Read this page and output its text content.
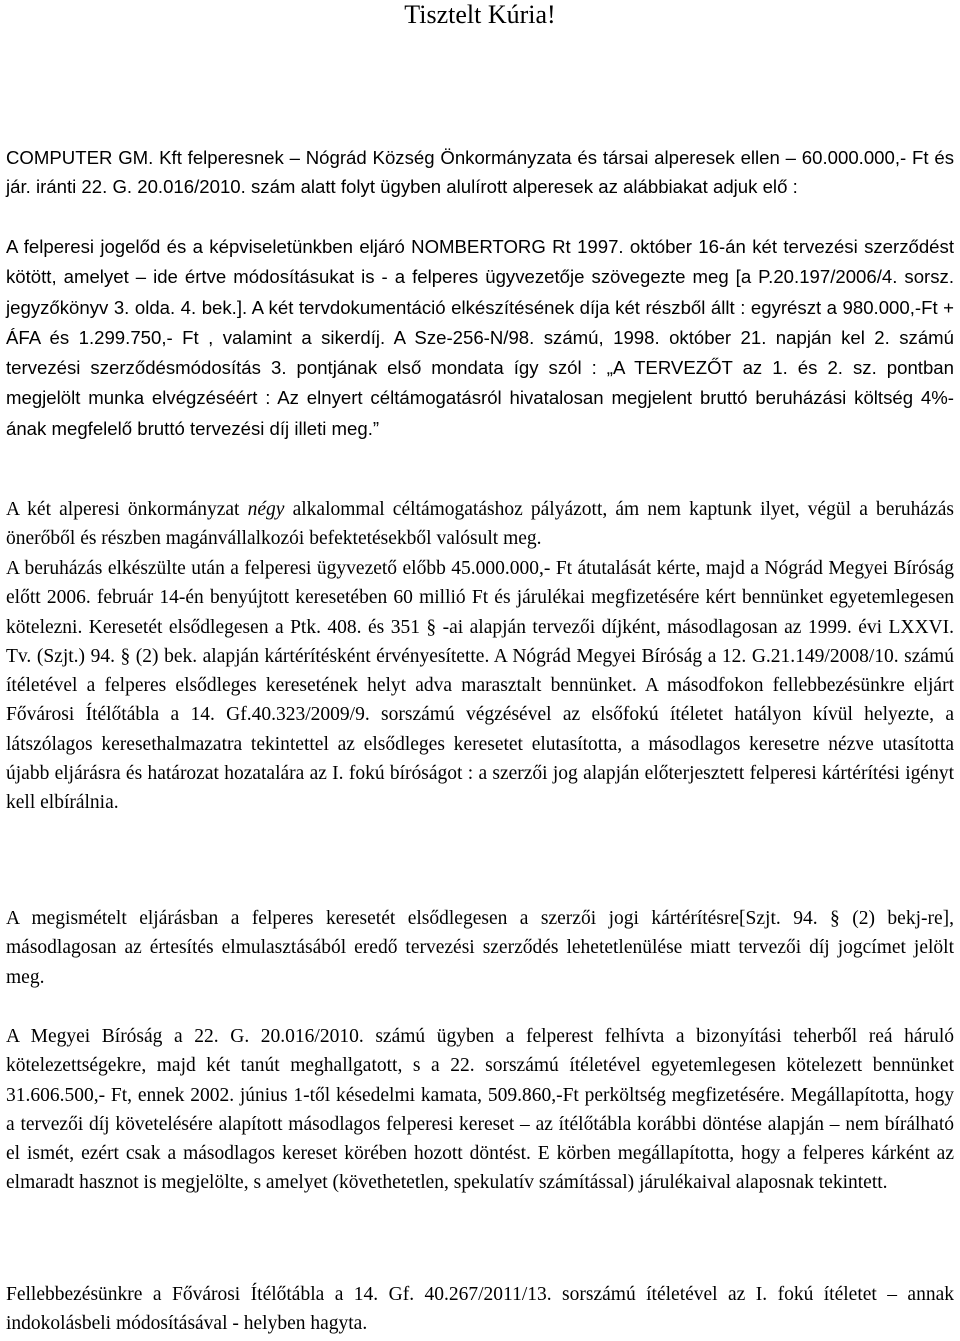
Tisztelt Kúria!
COMPUTER GM. Kft felperesnek – Nógrád Község Önkormányzata és társai alperesek ellen – 60.000.000,- Ft és jár. iránti 22. G. 20.016/2010. szám alatt folyt ügyben alulírott alperesek az alábbiakat adjuk elő :

A felperesi jogelőd és a képviseletünkben eljáró NOMBERTORG Rt 1997. október 16-án két tervezési szerződést kötött, amelyet – ide értve módosításukat is - a felperes ügyvezetője szövegezte meg [a P.20.197/2006/4. sorsz. jegyzőkönyv 3. olda. 4. bek.]. A két tervdokumentáció elkészítésének díja két részből állt : egyrészt a 980.000,-Ft + ÁFA és 1.299.750,- Ft , valamint a sikerdíj. A Sze-256-N/98. számú, 1998. október 21. napján kel 2. számú tervezési szerződésmódosítás 3. pontjának első mondata így szól : „A TERVEZŐT az 1. és 2. sz. pontban megjelölt munka elvégzéséért : Az elnyert céltámogatásról hivatalosan megjelent bruttó beruházási költség 4%-ának megfelelő bruttó tervezési díj illeti meg.”

A két alperesi önkormányzat négy alkalommal céltámogatáshoz pályázott, ám nem kaptunk ilyet, végül a beruházás önerőből és részben magánvállalkozói befektetésekből valósult meg.

A beruházás elkészülte után a felperesi ügyvezető előbb 45.000.000,- Ft átutalását kérte, majd a Nógrád Megyei Bíróság előtt 2006. február 14-én benyújtott keresetében 60 millió Ft és járulékai megfizetésére kért bennünket egyetemlegesen kötelezni. Keresetét elsődlegesen a Ptk. 408. és 351 § -ai alapján tervezői díjként, másodlagosan az 1999. évi LXXVI. Tv. (Szjt.) 94. § (2) bek. alapján kártérítésként érvényesítette. A Nógrád Megyei Bíróság a 12. G.21.149/2008/10. számú ítéletével a felperes elsődleges keresetének helyt adva marasztalt bennünket. A másodfokon fellebbezésünkre eljárt Fővárosi Ítélőtábla a 14. Gf.40.323/2009/9. sorszámú végzésével az elsőfokú ítéletet hatályon kívül helyezte, a látszólagos keresethalmazatra tekintettel az elsődleges keresetet elutasította, a másodlagos keresetre nézve utasította újabb eljárásra és határozat hozatalára az I. fokú bíróságot : a szerzői jog alapján előterjesztett felperesi kártérítési igényt kell elbírálnia.
A megismételt eljárásban a felperes keresetét elsődlegesen a szerzői jogi kártérítésre[Szjt. 94. § (2) bekj-re], másodlagosan az értesítés elmulasztásából eredő tervezési szerződés lehetetlenülése miatt tervezői díj jogcímet jelölt meg.
A Megyei Bíróság a 22. G. 20.016/2010. számú ügyben a felperest felhívta a bizonyítási teherből reá háruló kötelezettségekre, majd két tanút meghallgatott, s a 22. sorszámú ítéletével egyetemlegesen kötelezett bennünket 31.606.500,- Ft, ennek 2002. június 1-től késedelmi kamata, 509.860,-Ft perköltség megfizetésére. Megállapította, hogy a tervezői díj követelésére alapított másodlagos felperesi kereset – az ítélőtábla korábbi döntése alapján – nem bírálható el ismét, ezért csak a másodlagos kereset körében hozott döntést. E körben megállapította, hogy a felperes kárként az elmaradt hasznot is megjelölte, s amelyet (követhetetlen, spekulatív számítással) járulékaival alaposnak tekintett.
Fellebbezésünkre a Fővárosi Ítélőtábla a 14. Gf. 40.267/2011/13. sorszámú ítéletével az I. fokú ítéletet – annak indokolásbeli módosításával - helyben hagyta.
